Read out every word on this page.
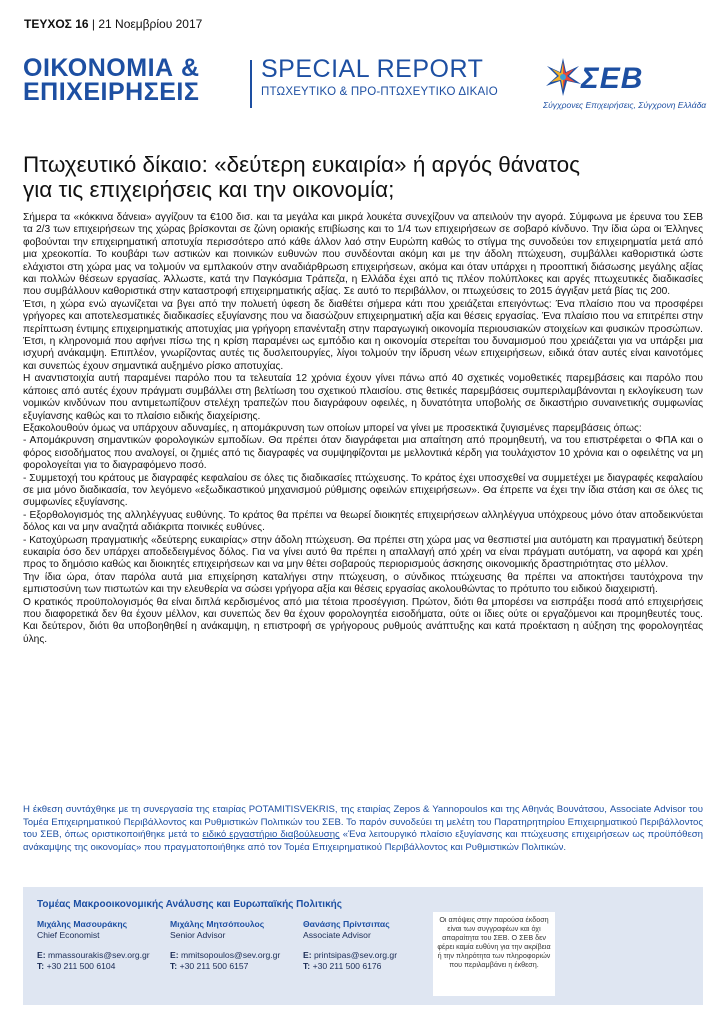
ΤΕΥΧΟΣ 16 | 21 Νοεμβρίου 2017
ΟΙΚΟΝΟΜΙΑ &
ΕΠΙΧΕΙΡΗΣΕΙΣ
SPECIAL REPORT
ΠΤΩΧΕΥΤΙΚΟ & ΠΡΟ-ΠΤΩΧΕΥΤΙΚΟ ΔΙΚΑΙΟ	ΣΕΒ
Σύγχρονες Επιχειρήσεις, Σύγχρονη Ελλάδα
Πτωχευτικό δίκαιο: «δεύτερη ευκαιρία» ή αργός θάνατος
για τις επιχειρήσεις και την οικονομία;

Σήμερα τα «κόκκινα δάνεια» αγγίζουν τα €100 δισ. και τα μεγάλα και μικρά λουκέτα συνεχίζουν να απειλούν την αγορά. Σύμφωνα με έρευνα του ΣΕΒ τα 2/3 των επιχειρήσεων της χώρας βρίσκονται σε ζώνη οριακής επιβίωσης και το 1/4 των επιχειρήσεων σε σοβαρό κίνδυνο. Την ίδια ώρα οι Έλληνες φοβούνται την επιχειρηματική αποτυχία περισσότερο από κάθε άλλον λαό στην Ευρώπη καθώς το στίγμα της συνοδεύει τον επιχειρηματία μετά από μια χρεοκοπία. Το κουβάρι των αστικών και ποινικών ευθυνών που συνδέονται ακόμη και με την άδολη πτώχευση, συμβάλλει καθοριστικά ώστε ελάχιστοι στη χώρα μας να τολμούν να εμπλακούν στην αναδιάρθρωση επιχειρήσεων, ακόμα και όταν υπάρχει η προοπτική διάσωσης μεγάλης αξίας και πολλών θέσεων εργασίας. Άλλωστε, κατά την Παγκόσμια Τράπεζα, η Ελλάδα έχει από τις πλέον πολύπλοκες και αργές πτωχευτικές διαδικασίες που συμβάλλουν καθοριστικά στην καταστροφή επιχειρηματικής αξίας. Σε αυτό το περιβάλλον, οι πτωχεύσεις το 2015 άγγιξαν μετά βίας τις 200.

Έτσι, η χώρα ενώ αγωνίζεται να βγει από την πολυετή ύφεση δε διαθέτει σήμερα κάτι που χρειάζεται επειγόντως: Ένα πλαίσιο που να προσφέρει γρήγορες και αποτελεσματικές διαδικασίες εξυγίανσης που να διασώζουν επιχειρηματική αξία και θέσεις εργασίας. Ένα πλαίσιο που να επιτρέπει στην περίπτωση έντιμης επιχειρηματικής αποτυχίας μια γρήγορη επανένταξη στην παραγωγική οικονομία περιουσιακών στοιχείων και φυσικών προσώπων. Έτσι, η κληρονομιά που αφήνει πίσω της η κρίση παραμένει ως εμπόδιο και η οικονομία στερείται του δυναμισμού που χρειάζεται για να υπάρξει μια ισχυρή ανάκαμψη. Επιπλέον, γνωρίζοντας αυτές τις δυσλειτουργίες, λίγοι τολμούν την ίδρυση νέων επιχειρήσεων, ειδικά όταν αυτές είναι καινοτόμες και συνεπώς έχουν σημαντικά αυξημένο ρίσκο αποτυχίας.

Η αναντιστοιχία αυτή παραμένει παρόλο που τα τελευταία 12 χρόνια έχουν γίνει πάνω από 40 σχετικές νομοθετικές παρεμβάσεις και παρόλο που κάποιες από αυτές έχουν πράγματι συμβάλλει στη βελτίωση του σχετικού πλαισίου. στις θετικές παρεμβάσεις συμπεριλαμβάνονται η εκλογίκευση των νομικών κινδύνων που αντιμετωπίζουν στελέχη τραπεζών που διαγράφουν οφειλές, η δυνατότητα υποβολής σε δικαστήριο συναινετικής συμφωνίας εξυγίανσης καθώς και το πλαίσιο ειδικής διαχείρισης.

Εξακολουθούν όμως να υπάρχουν αδυναμίες, η απομάκρυνση των οποίων μπορεί να γίνει με προσεκτικά ζυγισμένες παρεμβάσεις όπως:

- Απομάκρυνση σημαντικών φορολογικών εμποδίων. Θα πρέπει όταν διαγράφεται μια απαίτηση από προμηθευτή, να του επιστρέφεται ο ΦΠΑ και ο φόρος εισοδήματος που αναλογεί, οι ζημιές από τις διαγραφές να συμψηφίζονται με μελλοντικά κέρδη για τουλάχιστον 10 χρόνια και ο οφειλέτης να μη φορολογείται για το διαγραφόμενο ποσό.
- Συμμετοχή του κράτους με διαγραφές κεφαλαίου σε όλες τις διαδικασίες πτώχευσης. Το κράτος έχει υποσχεθεί να συμμετέχει με διαγραφές κεφαλαίου σε μια μόνο διαδικασία, τον λεγόμενο «εξωδικαστικού μηχανισμού ρύθμισης οφειλών επιχειρήσεων». Θα έπρεπε να έχει την ίδια στάση και σε όλες τις συμφωνίες εξυγίανσης.
- Εξορθολογισμός της αλληλέγγυας ευθύνης. Το κράτος θα πρέπει να θεωρεί διοικητές επιχειρήσεων αλληλέγγυα υπόχρεους μόνο όταν αποδεικνύεται δόλος και να μην αναζητά αδιάκριτα ποινικές ευθύνες.
- Κατοχύρωση πραγματικής «δεύτερης ευκαιρίας» στην άδολη πτώχευση. Θα πρέπει στη χώρα μας να θεσπιστεί μια αυτόματη και πραγματική δεύτερη ευκαιρία όσο δεν υπάρχει αποδεδειγμένος δόλος. Για να γίνει αυτό θα πρέπει η απαλλαγή από χρέη να είναι πράγματι αυτόματη, να αφορά και χρέη προς το δημόσιο καθώς και διοικητές επιχειρήσεων και να μην θέτει σοβαρούς περιορισμούς άσκησης οικονομικής δραστηριότητας στο μέλλον.

Την ίδια ώρα, όταν παρόλα αυτά μια επιχείρηση καταλήγει στην πτώχευση, ο σύνδικος πτώχευσης θα πρέπει να αποκτήσει ταυτόχρονα την εμπιστοσύνη των πιστωτών και την ελευθερία να σώσει γρήγορα αξία και θέσεις εργασίας ακολουθώντας το πρότυπο του ειδικού διαχειριστή.

Ο κρατικός προϋπολογισμός θα είναι διπλά κερδισμένος από μια τέτοια προσέγγιση. Πρώτον, διότι θα μπορέσει να εισπράξει ποσά από επιχειρήσεις που διαφορετικά δεν θα έχουν μέλλον, και συνεπώς δεν θα έχουν φορολογητέα εισοδήματα, ούτε οι ίδιες ούτε οι εργαζόμενοι και προμηθευτές τους. Και δεύτερον, διότι θα υποβοηθηθεί η ανάκαμψη, η επιστροφή σε γρήγορους ρυθμούς ανάπτυξης και κατά προέκταση η αύξηση της φορολογητέας ύλης.

Η έκθεση συντάχθηκε με τη συνεργασία της εταιρίας POTAMITISVEKRIS, της εταιρίας Zepos & Yannopoulos και της Αθηνάς Βουνάτσου, Associate Advisor του Τομέα Επιχειρηματικού Περιβάλλοντος και Ρυθμιστικών Πολιτικών του ΣΕΒ. Το παρόν συνοδεύει τη μελέτη του Παρατηρητηρίου Επιχειρηματικού Περιβάλλοντος του ΣΕΒ, όπως οριστικοποιήθηκε μετά το ειδικό εργαστήριο διαβούλευσης «Ένα λειτουργικό πλαίσιο εξυγίανσης και πτώχευσης επιχειρήσεων ως προϋπόθεση ανάκαμψης της οικονομίας» που πραγματοποιήθηκε από τον Τομέα Επιχειρηματικού Περιβάλλοντος και Ρυθμιστικών Πολιτικών.
Τομέας Μακροοικονομικής Ανάλυσης και Ευρωπαϊκής Πολιτικής
Μιχάλης Μασουράκης
Chief Economist
E: mmassourakis@sev.org.gr
T: +30 211 500 6104
Μιχάλης Μητσόπουλος
Senior Advisor
E: mmitsopoulos@sev.org.gr
T: +30 211 500 6157
Θανάσης Πρίντσιπας
Associate Advisor
E: printsipas@sev.org.gr
T: +30 211 500 6176
Οι απόψεις στην παρούσα έκδοση είναι των συγγραφέων και όχι απαραίτητα του ΣΕΒ. Ο ΣΕΒ δεν φέρει καμία ευθύνη για την ακρίβεια ή την πληρότητα των πληροφοριών που περιλαμβάνει η έκθεση.
